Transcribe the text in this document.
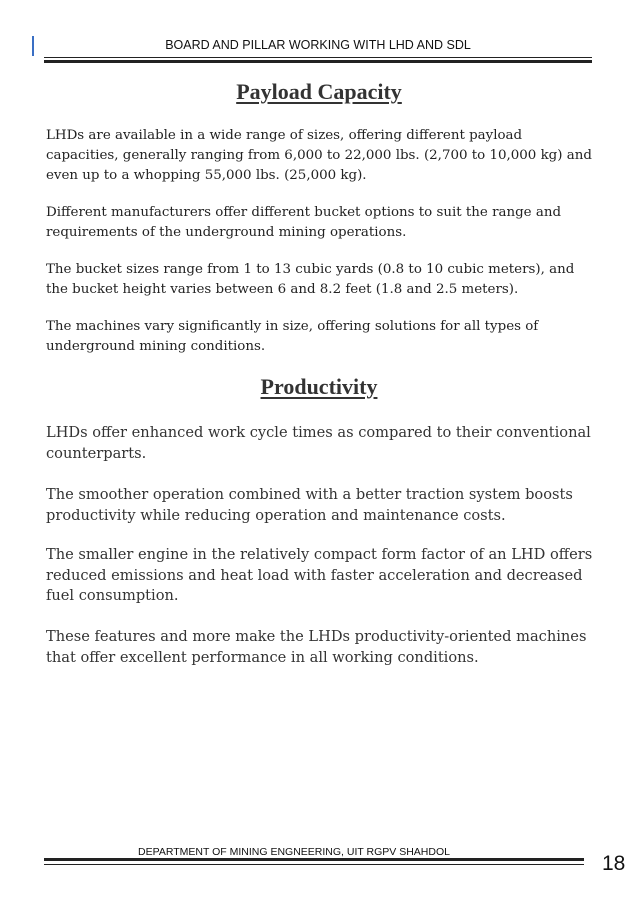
BOARD AND PILLAR WORKING WITH LHD AND SDL
Payload Capacity

LHDs are available in a wide range of sizes, offering different payload capacities, generally ranging from 6,000 to 22,000 lbs. (2,700 to 10,000 kg) and even up to a whopping 55,000 lbs. (25,000 kg).

Different manufacturers offer different bucket options to suit the range and requirements of the underground mining operations.

The bucket sizes range from 1 to 13 cubic yards (0.8 to 10 cubic meters), and the bucket height varies between 6 and 8.2 feet (1.8 and 2.5 meters).

The machines vary significantly in size, offering solutions for all types of underground mining conditions.

Productivity

LHDs offer enhanced work cycle times as compared to their conventional counterparts.

The smoother operation combined with a better traction system boosts productivity while reducing operation and maintenance costs.

The smaller engine in the relatively compact form factor of an LHD offers reduced emissions and heat load with faster acceleration and decreased fuel consumption.

These features and more make the LHDs productivity-oriented machines that offer excellent performance in all working conditions.

DEPARTMENT OF MINING ENGNEERING, UIT RGPV SHAHDOL	18
